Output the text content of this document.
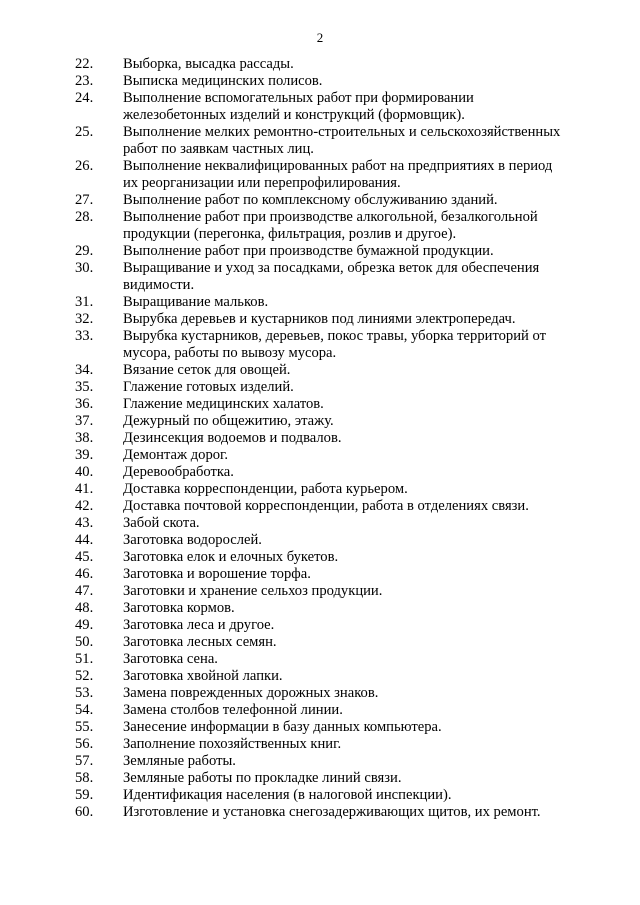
2
22.	Выборка, высадка рассады.
23.	Выписка медицинских полисов.
24.	Выполнение вспомогательных работ при формировании железобетонных изделий и конструкций (формовщик).
25.	Выполнение мелких ремонтно-строительных и сельскохозяйственных работ по заявкам частных лиц.
26.	Выполнение неквалифицированных работ на предприятиях в период их реорганизации или перепрофилирования.
27.	Выполнение работ по комплексному обслуживанию зданий.
28.	Выполнение работ при производстве алкогольной, безалкогольной продукции (перегонка, фильтрация, розлив и другое).
29.	Выполнение работ при производстве бумажной продукции.
30.	Выращивание и уход за посадками, обрезка веток для обеспечения видимости.
31.	Выращивание мальков.
32.	Вырубка деревьев и кустарников под линиями электропередач.
33.	Вырубка кустарников, деревьев, покос травы, уборка территорий от мусора, работы по вывозу мусора.
34.	Вязание сеток для овощей.
35.	Глажение готовых изделий.
36.	Глажение медицинских халатов.
37.	Дежурный по общежитию, этажу.
38.	Дезинсекция водоемов и подвалов.
39.	Демонтаж дорог.
40.	Деревообработка.
41.	Доставка корреспонденции, работа курьером.
42.	Доставка почтовой корреспонденции, работа в отделениях связи.
43.	Забой скота.
44.	Заготовка водорослей.
45.	Заготовка елок и елочных букетов.
46.	Заготовка и ворошение торфа.
47.	Заготовки и хранение сельхоз продукции.
48.	Заготовка кормов.
49.	Заготовка леса и другое.
50.	Заготовка лесных семян.
51.	Заготовка сена.
52.	Заготовка хвойной лапки.
53.	Замена поврежденных дорожных знаков.
54.	Замена столбов телефонной линии.
55.	Занесение информации в базу данных компьютера.
56.	Заполнение похозяйственных книг.
57.	Земляные работы.
58.	Земляные работы по прокладке линий связи.
59.	Идентификация населения (в налоговой инспекции).
60.	Изготовление и установка снегозадерживающих щитов, их ремонт.
